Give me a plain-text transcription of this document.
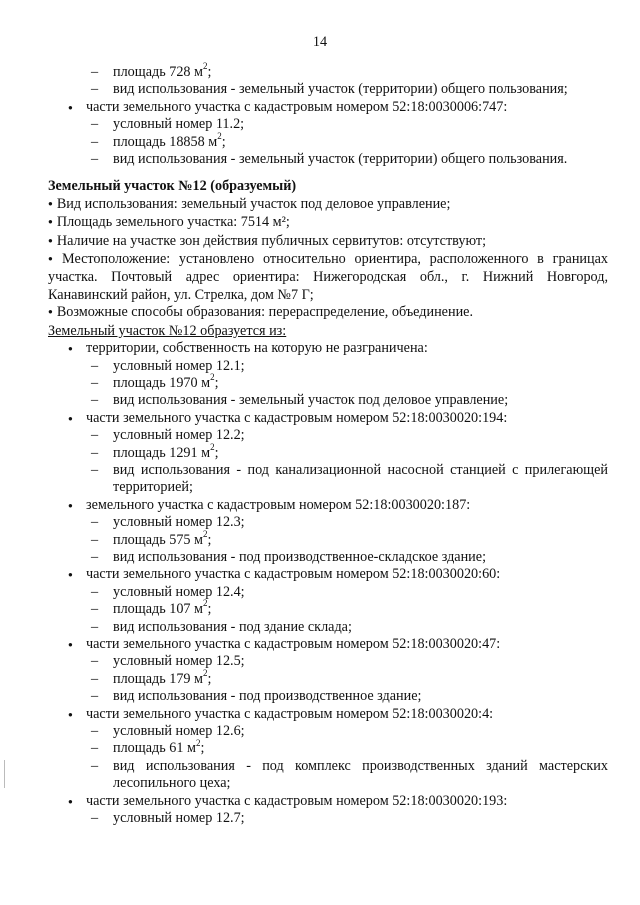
14
– площадь 728 $м^2$;
– вид использования - земельный участок (территории) общего пользования;
● части земельного участка с кадастровым номером 52:18:0030006:747:
– условный номер 11.2;
– площадь 18858 $м^2$;
– вид использования - земельный участок (территории) общего пользования.
Земельный участок №12 (образуемый)
● Вид использования: земельный участок под деловое управление;
● Площадь земельного участка: 7514 м²;
● Наличие на участке зон действия публичных сервитутов: отсутствуют;
● Местоположение: установлено относительно ориентира, расположенного в границах участка. Почтовый адрес ориентира: Нижегородская обл., г. Нижний Новгород, Канавинский район, ул. Стрелка, дом №7 Г;
● Возможные способы образования: перераспределение, объединение.
Земельный участок №12 образуется из:
● территории, собственность на которую не разграничена:
– условный номер 12.1;
– площадь 1970 $м^2$;
– вид использования - земельный участок под деловое управление;
● части земельного участка с кадастровым номером 52:18:0030020:194:
– условный номер 12.2;
– площадь 1291 $м^2$;
– вид использования - под канализационной насосной станцией с прилегающей территорией;
● земельного участка с кадастровым номером 52:18:0030020:187:
– условный номер 12.3;
– площадь 575 $м^2$;
– вид использования - под производственное-складское здание;
● части земельного участка с кадастровым номером 52:18:0030020:60:
– условный номер 12.4;
– площадь 107 $м^2$;
– вид использования - под здание склада;
● части земельного участка с кадастровым номером 52:18:0030020:47:
– условный номер 12.5;
– площадь 179 $м^2$;
– вид использования - под производственное здание;
● части земельного участка с кадастровым номером 52:18:0030020:4:
– условный номер 12.6;
– площадь 61 $м^2$;
– вид использования - под комплекс производственных зданий мастерских лесопильного цеха;
● части земельного участка с кадастровым номером 52:18:0030020:193:
– условный номер 12.7;
